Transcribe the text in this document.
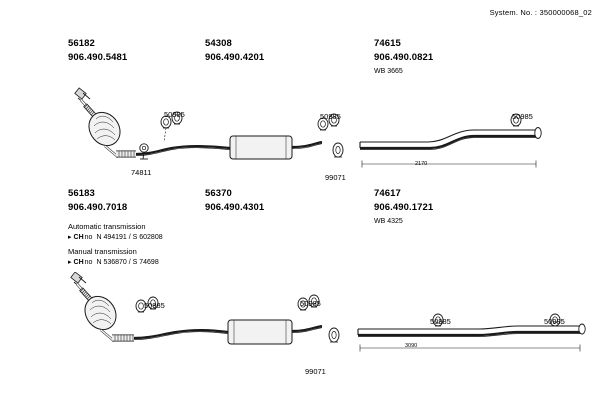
System. No. : 350000068_02
56182
906.490.5481
54308
906.490.4201
74615
906.490.0821
WB 3665
2170
50985	50985	50985
74811
99071
56183
906.490.7018
56370
906.490.4301
74617
906.490.1721
WB 4325
Automatic transmission
▸ CH no N 494191 / S 602808
Manual transmission
▸ CH no N 536870 / S 74698
3090
50985	50985
50985	50985
99071
